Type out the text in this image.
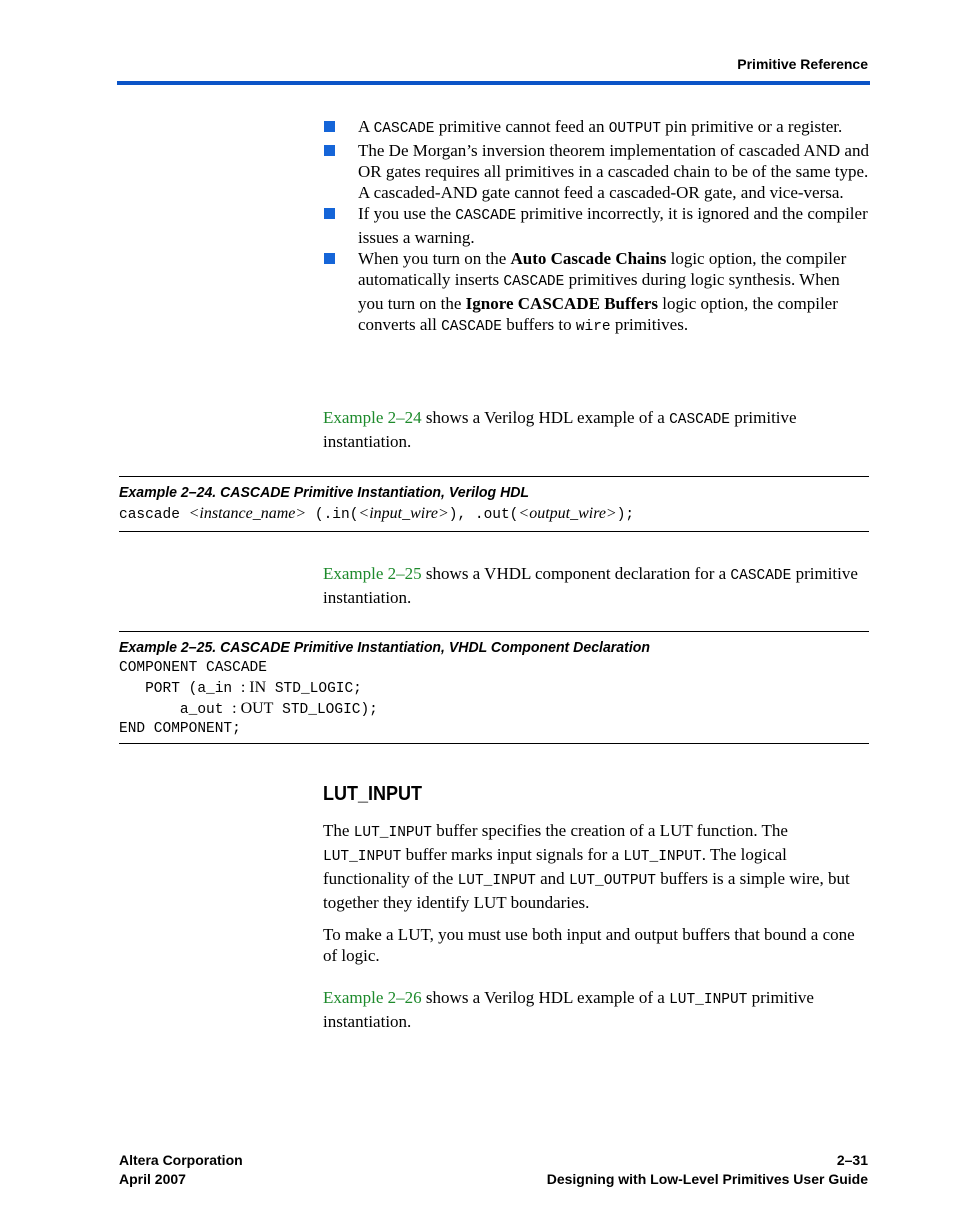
Primitive Reference
A CASCADE primitive cannot feed an OUTPUT pin primitive or a register.
The De Morgan’s inversion theorem implementation of cascaded AND and OR gates requires all primitives in a cascaded chain to be of the same type. A cascaded-AND gate cannot feed a cascaded-OR gate, and vice-versa.
If you use the CASCADE primitive incorrectly, it is ignored and the compiler issues a warning.
When you turn on the Auto Cascade Chains logic option, the compiler automatically inserts CASCADE primitives during logic synthesis. When you turn on the Ignore CASCADE Buffers logic option, the compiler converts all CASCADE buffers to wire primitives.
Example 2–24 shows a Verilog HDL example of a CASCADE primitive instantiation.
Example 2–24. CASCADE Primitive Instantiation, Verilog HDL
cascade <instance_name> (.in(<input_wire>), .out(<output_wire>);
Example 2–25 shows a VHDL component declaration for a CASCADE primitive instantiation.
Example 2–25. CASCADE Primitive Instantiation, VHDL Component Declaration
COMPONENT CASCADE
PORT (a_in : IN STD_LOGIC;
a_out : OUT STD_LOGIC);
END COMPONENT;
LUT_INPUT
The LUT_INPUT buffer specifies the creation of a LUT function. The LUT_INPUT buffer marks input signals for a LUT_INPUT. The logical functionality of the LUT_INPUT and LUT_OUTPUT buffers is a simple wire, but together they identify LUT boundaries.
To make a LUT, you must use both input and output buffers that bound a cone of logic.
Example 2–26 shows a Verilog HDL example of a LUT_INPUT primitive instantiation.
Altera Corporation
April 2007
2–31
Designing with Low-Level Primitives User Guide
